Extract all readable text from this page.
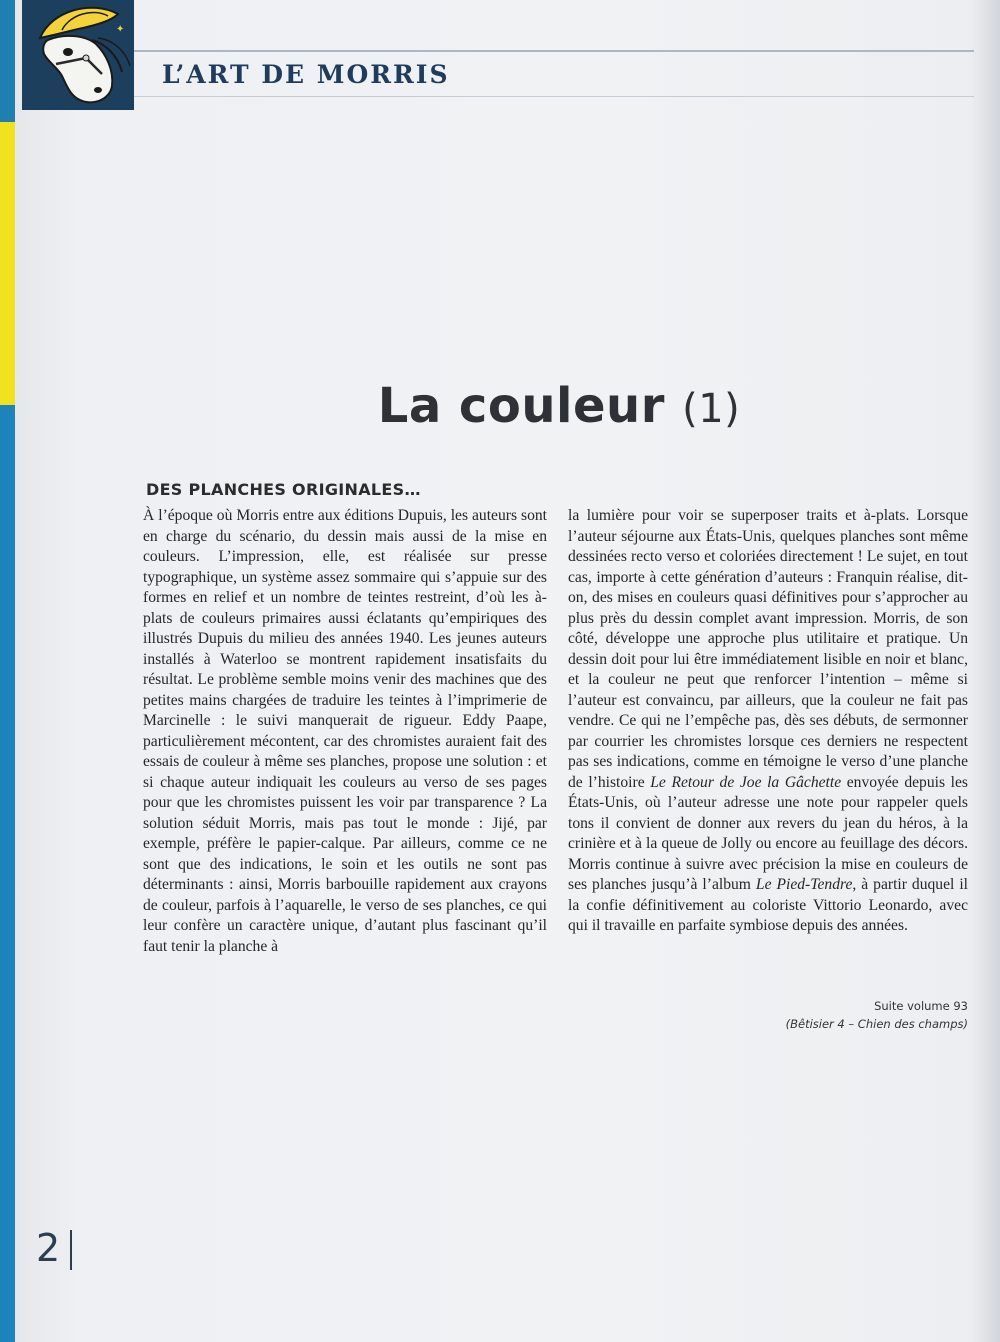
✦
L’ART DE MORRIS
La couleur (1)
DES PLANCHES ORIGINALES…

À l’époque où Morris entre aux éditions Dupuis, les auteurs sont en charge du scénario, du dessin mais aussi de la mise en couleurs. L’impression, elle, est réalisée sur presse typographique, un système assez sommaire qui s’appuie sur des formes en relief et un nombre de teintes restreint, d’où les à-plats de couleurs primaires aussi éclatants qu’empiriques des illustrés Dupuis du milieu des années 1940. Les jeunes auteurs installés à Waterloo se montrent rapidement insatisfaits du résultat. Le problème semble moins venir des machines que des petites mains chargées de traduire les teintes à l’imprimerie de Marcinelle : le suivi manquerait de rigueur. Eddy Paape, particulièrement mécontent, car des chromistes auraient fait des essais de couleur à même ses planches, propose une solution : et si chaque auteur indiquait les couleurs au verso de ses pages pour que les chromistes puissent les voir par transparence ? La solution séduit Morris, mais pas tout le monde : Jijé, par exemple, préfère le papier-calque. Par ailleurs, comme ce ne sont que des indications, le soin et les outils ne sont pas déterminants : ainsi, Morris barbouille rapidement aux crayons de couleur, parfois à l’aquarelle, le verso de ses planches, ce qui leur confère un caractère unique, d’autant plus fascinant qu’il faut tenir la planche à

la lumière pour voir se superposer traits et à-plats. Lorsque l’auteur séjourne aux États-Unis, quelques planches sont même dessinées recto verso et coloriées directement ! Le sujet, en tout cas, importe à cette génération d’auteurs : Franquin réalise, dit-on, des mises en couleurs quasi définitives pour s’approcher au plus près du dessin complet avant impression. Morris, de son côté, développe une approche plus utilitaire et pratique. Un dessin doit pour lui être immédiatement lisible en noir et blanc, et la couleur ne peut que renforcer l’intention – même si l’auteur est convaincu, par ailleurs, que la couleur ne fait pas vendre. Ce qui ne l’empêche pas, dès ses débuts, de sermonner par courrier les chromistes lorsque ces derniers ne respectent pas ses indications, comme en témoigne le verso d’une planche de l’histoire Le Retour de Joe la Gâchette envoyée depuis les États-Unis, où l’auteur adresse une note pour rappeler quels tons il convient de donner aux revers du jean du héros, à la crinière et à la queue de Jolly ou encore au feuillage des décors. Morris continue à suivre avec précision la mise en couleurs de ses planches jusqu’à l’album Le Pied-Tendre, à partir duquel il la confie définitivement au coloriste Vittorio Leonardo, avec qui il travaille en parfaite symbiose depuis des années.

Suite volume 93
(Bêtisier 4 – Chien des champs)
2
